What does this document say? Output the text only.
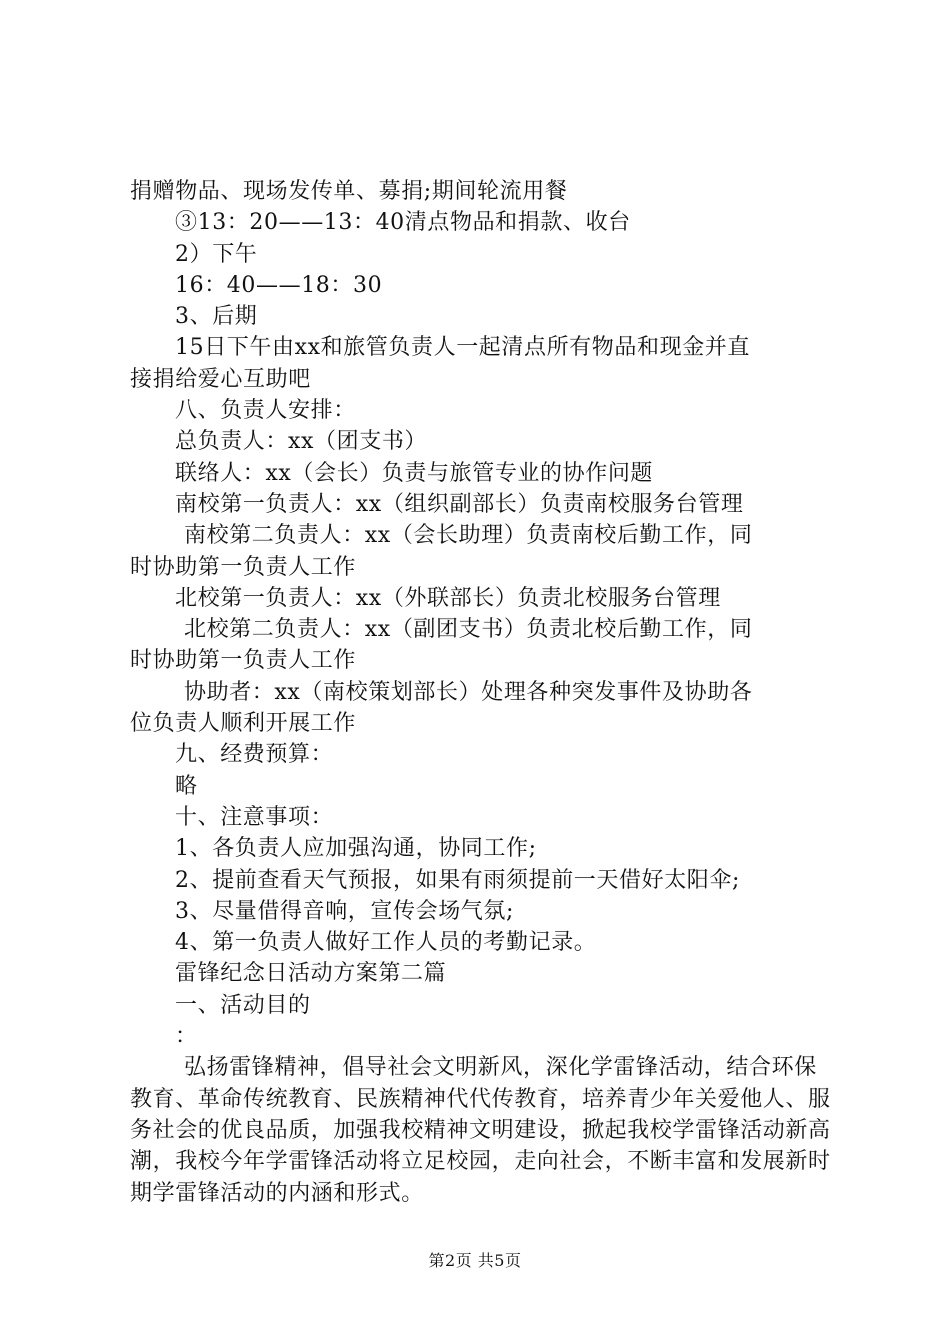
捐赠物品、现场发传单、募捐;期间轮流用餐
③13：20——13：40清点物品和捐款、收台
2）下午
16：40——18：30
3、后期
15日下午由xx和旅管负责人一起清点所有物品和现金并直
接捐给爱心互助吧
八、负责人安排：
总负责人：xx（团支书）
联络人：xx（会长）负责与旅管专业的协作问题
南校第一负责人：xx（组织副部长）负责南校服务台管理
南校第二负责人：xx（会长助理）负责南校后勤工作，同
时协助第一负责人工作
北校第一负责人：xx（外联部长）负责北校服务台管理
北校第二负责人：xx（副团支书）负责北校后勤工作，同
时协助第一负责人工作
协助者：xx（南校策划部长）处理各种突发事件及协助各
位负责人顺利开展工作
九、经费预算：
略
十、注意事项：
1、各负责人应加强沟通，协同工作;
2、提前查看天气预报，如果有雨须提前一天借好太阳伞;
3、尽量借得音响，宣传会场气氛;
4、第一负责人做好工作人员的考勤记录。
雷锋纪念日活动方案第二篇
一、活动目的
：
弘扬雷锋精神，倡导社会文明新风，深化学雷锋活动，结合环保教育、革命传统教育、民族精神代代传教育，培养青少年关爱他人、服务社会的优良品质，加强我校精神文明建设，掀起我校学雷锋活动新高潮，我校今年学雷锋活动将立足校园，走向社会，不断丰富和发展新时期学雷锋活动的内涵和形式。
第2页 共5页
